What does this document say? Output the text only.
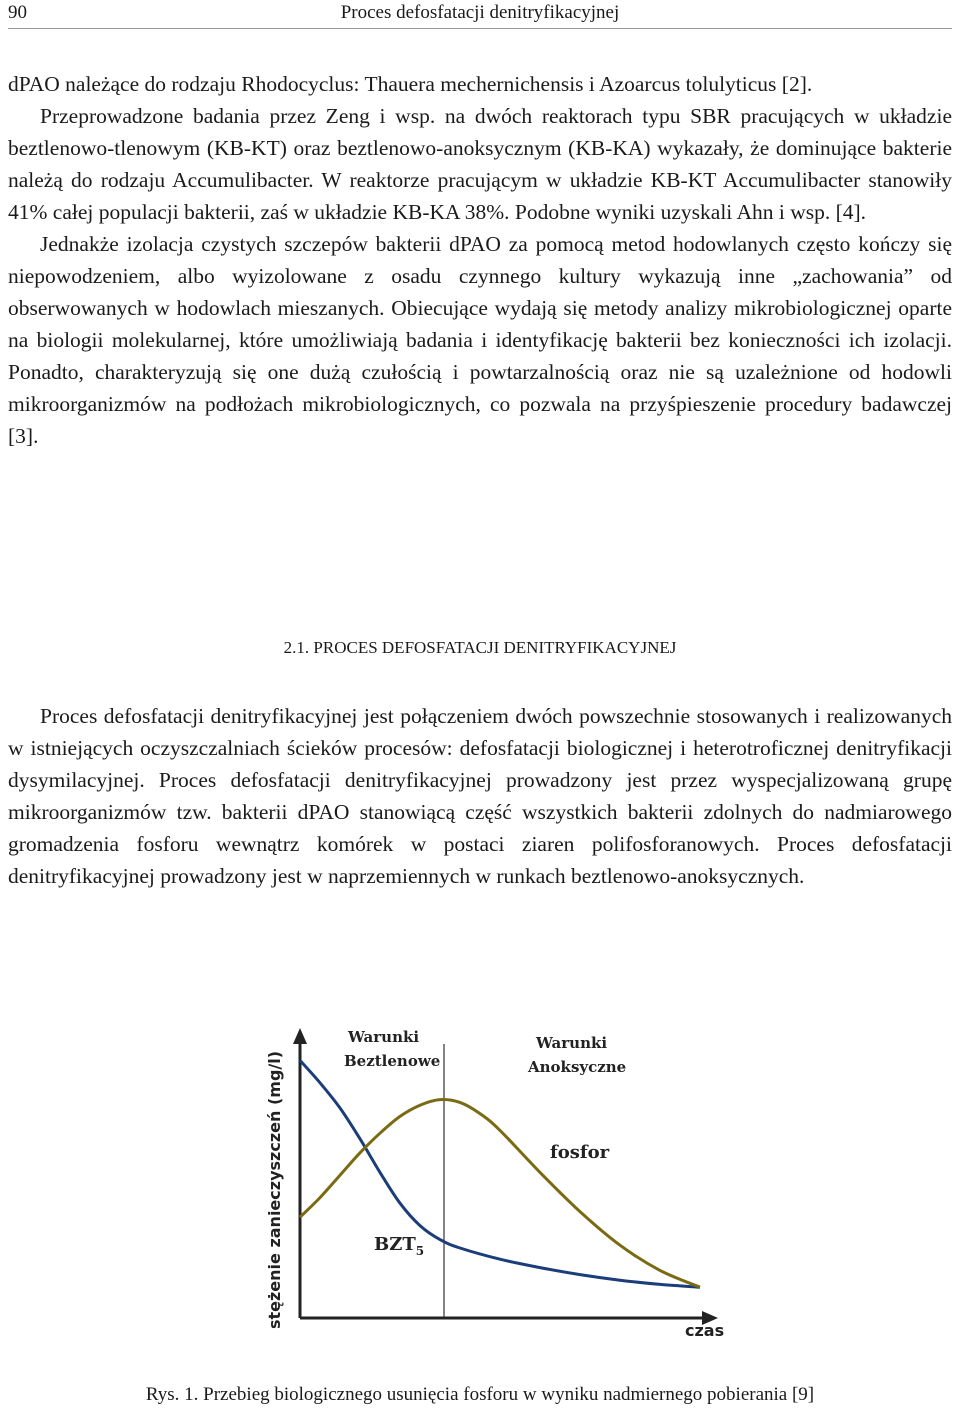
90	Proces defosfatacji denitryfikacyjnej

dPAO należące do rodzaju Rhodocyclus: Thauera mechernichensis i Azoarcus tolulyticus [2].

Przeprowadzone badania przez Zeng i wsp. na dwóch reaktorach typu SBR pracujących w układzie beztlenowo-tlenowym (KB-KT) oraz beztlenowo-anoksycznym (KB-KA) wykazały, że dominujące bakterie należą do rodzaju Accumulibacter. W reaktorze pracującym w układzie KB-KT Accumulibacter stanowiły 41% całej populacji bakterii, zaś w układzie KB-KA 38%. Podobne wyniki uzyskali Ahn i wsp. [4].

Jednakże izolacja czystych szczepów bakterii dPAO za pomocą metod hodowlanych często kończy się niepowodzeniem, albo wyizolowane z osadu czynnego kultury wykazują inne „zachowania” od obserwowanych w hodowlach mieszanych. Obiecujące wydają się metody analizy mikrobiologicznej oparte na biologii molekularnej, które umożliwiają badania i identyfikację bakterii bez konieczności ich izolacji. Ponadto, charakteryzują się one dużą czułością i powtarzalnością oraz nie są uzależnione od hodowli mikroorganizmów na podłożach mikrobiologicznych, co pozwala na przyśpieszenie procedury badawczej [3].

2.1. PROCES DEFOSFATACJI DENITRYFIKACYJNEJ

Proces defosfatacji denitryfikacyjnej jest połączeniem dwóch powszechnie stosowanych i realizowanych w istniejących oczyszczalniach ścieków procesów: defosfatacji biologicznej i heterotroficznej denitryfikacji dysymilacyjnej. Proces defosfatacji denitryfikacyjnej prowadzony jest przez wyspecjalizowaną grupę mikroorganizmów tzw. bakterii dPAO stanowiącą część wszystkich bakterii zdolnych do nadmiarowego gromadzenia fosforu wewnątrz komórek w postaci ziaren polifosforanowych. Proces defosfatacji denitryfikacyjnej prowadzony jest w naprzemiennych w runkach beztlenowo-anoksycznych.

stężenie zanieczyszczeń (mg/l)
Warunki Beztlenowe
Warunki Anoksyczne
czas
$BZT_5$
fosfor
Rys. 1. Przebieg biologicznego usunięcia fosforu w wyniku nadmiernego pobierania [9]
